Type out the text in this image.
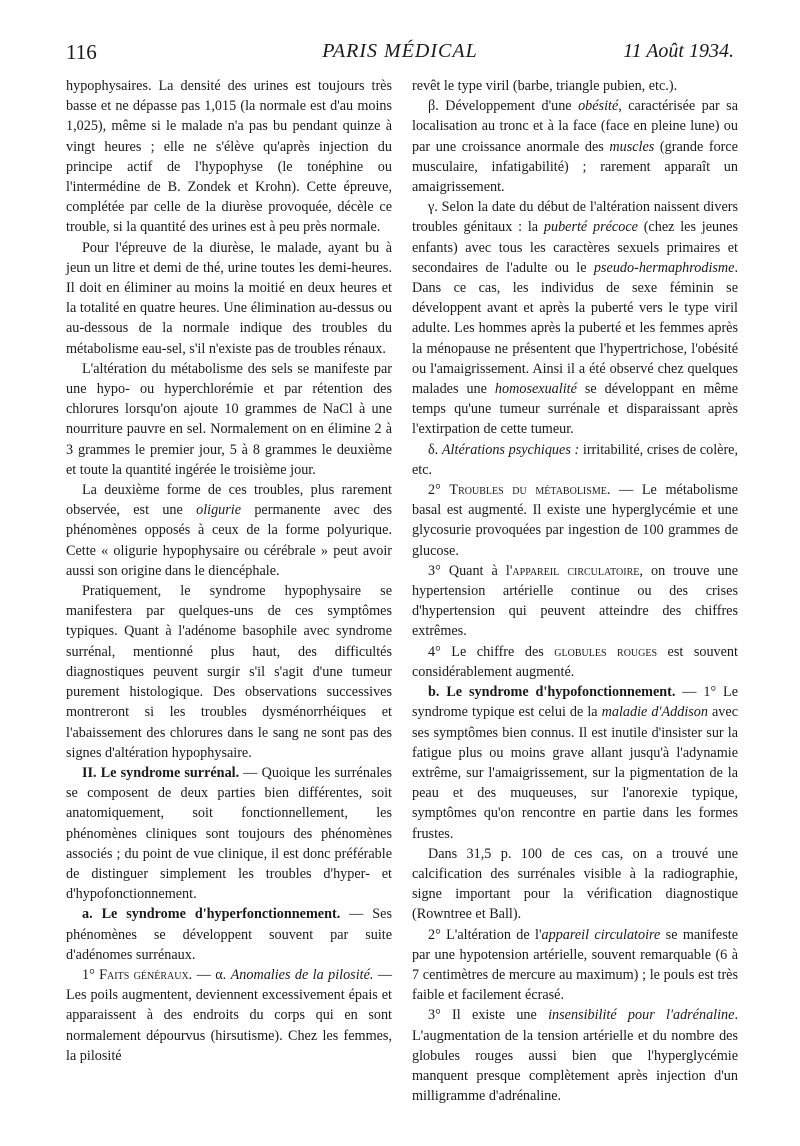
116	PARIS MÉDICAL	11 Août 1934.

hypophysaires. La densité des urines est toujours très basse et ne dépasse pas 1,015 (la normale est d'au moins 1,025), même si le malade n'a pas bu pendant quinze à vingt heures ; elle ne s'élève qu'après injection du principe actif de l'hypophyse (le tonéphine ou l'intermédine de B. Zondek et Krohn). Cette épreuve, complétée par celle de la diurèse provoquée, décèle ce trouble, si la quantité des urines est à peu près normale.

Pour l'épreuve de la diurèse, le malade, ayant bu à jeun un litre et demi de thé, urine toutes les demi-heures. Il doit en éliminer au moins la moitié en deux heures et la totalité en quatre heures. Une élimination au-dessus ou au-dessous de la normale indique des troubles du métabolisme eau-sel, s'il n'existe pas de troubles rénaux.

L'altération du métabolisme des sels se manifeste par une hypo- ou hyperchlorémie et par rétention des chlorures lorsqu'on ajoute 10 grammes de NaCl à une nourriture pauvre en sel. Normalement on en élimine 2 à 3 grammes le premier jour, 5 à 8 grammes le deuxième et toute la quantité ingérée le troisième jour.

La deuxième forme de ces troubles, plus rarement observée, est une oligurie permanente avec des phénomènes opposés à ceux de la forme polyurique. Cette « oligurie hypophysaire ou cérébrale » peut avoir aussi son origine dans le diencéphale.

Pratiquement, le syndrome hypophysaire se manifestera par quelques-uns de ces symptômes typiques. Quant à l'adénome basophile avec syndrome surrénal, mentionné plus haut, des difficultés diagnostiques peuvent surgir s'il s'agit d'une tumeur purement histologique. Des observations successives montreront si les troubles dysménorrhéiques et l'abaissement des chlorures dans le sang ne sont pas des signes d'altération hypophysaire.

II. Le syndrome surrénal. — Quoique les surrénales se composent de deux parties bien différentes, soit anatomiquement, soit fonctionnellement, les phénomènes cliniques sont toujours des phénomènes associés ; du point de vue clinique, il est donc préférable de distinguer simplement les troubles d'hyper- et d'hypofonctionnement.

a. Le syndrome d'hyperfonctionnement. — Ses phénomènes se développent souvent par suite d'adénomes surrénaux.

1° Faits généraux. — α. Anomalies de la pilosité. — Les poils augmentent, deviennent excessivement épais et apparaissent à des endroits du corps qui en sont normalement dépourvus (hirsutisme). Chez les femmes, la pilosité

revêt le type viril (barbe, triangle pubien, etc.).

β. Développement d'une obésité, caractérisée par sa localisation au tronc et à la face (face en pleine lune) ou par une croissance anormale des muscles (grande force musculaire, infatigabilité) ; rarement apparaît un amaigrissement.

γ. Selon la date du début de l'altération naissent divers troubles génitaux : la puberté précoce (chez les jeunes enfants) avec tous les caractères sexuels primaires et secondaires de l'adulte ou le pseudo-hermaphrodisme. Dans ce cas, les individus de sexe féminin se développent avant et après la puberté vers le type viril adulte. Les hommes après la puberté et les femmes après la ménopause ne présentent que l'hypertrichose, l'obésité ou l'amaigrissement. Ainsi il a été observé chez quelques malades une homosexualité se développant en même temps qu'une tumeur surrénale et disparaissant après l'extirpation de cette tumeur.

δ. Altérations psychiques : irritabilité, crises de colère, etc.

2° Troubles du métabolisme. — Le métabolisme basal est augmenté. Il existe une hyperglycémie et une glycosurie provoquées par ingestion de 100 grammes de glucose.

3° Quant à l'appareil circulatoire, on trouve une hypertension artérielle continue ou des crises d'hypertension qui peuvent atteindre des chiffres extrêmes.

4° Le chiffre des globules rouges est souvent considérablement augmenté.

b. Le syndrome d'hypofonctionnement. — 1° Le syndrome typique est celui de la maladie d'Addison avec ses symptômes bien connus. Il est inutile d'insister sur la fatigue plus ou moins grave allant jusqu'à l'adynamie extrême, sur l'amaigrissement, sur la pigmentation de la peau et des muqueuses, sur l'anorexie typique, symptômes qu'on rencontre en partie dans les formes frustes.

Dans 31,5 p. 100 de ces cas, on a trouvé une calcification des surrénales visible à la radiographie, signe important pour la vérification diagnostique (Rowntree et Ball).

2° L'altération de l'appareil circulatoire se manifeste par une hypotension artérielle, souvent remarquable (6 à 7 centimètres de mercure au maximum) ; le pouls est très faible et facilement écrasé.

3° Il existe une insensibilité pour l'adrénaline. L'augmentation de la tension artérielle et du nombre des globules rouges aussi bien que l'hyperglycémie manquent presque complètement après injection d'un milligramme d'adrénaline.
